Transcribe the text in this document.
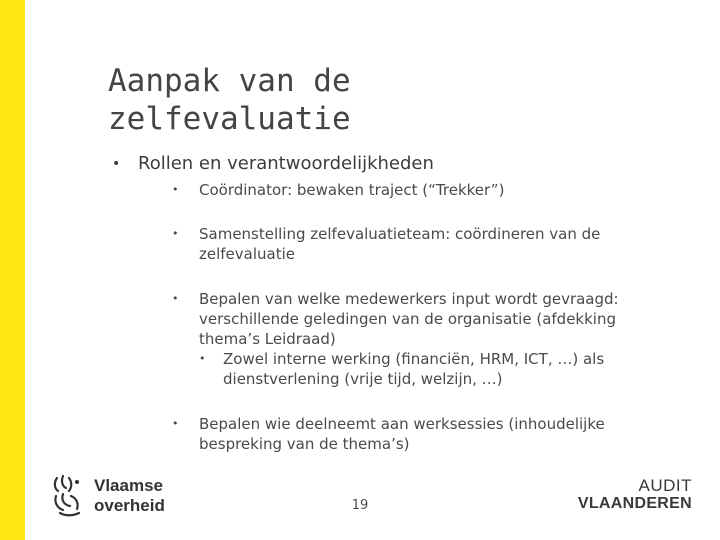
Aanpak van de
zelfevaluatie
• Rollen en verantwoordelijkheden
• Coördinator: bewaken traject (“Trekker”)
• Samenstelling zelfevaluatieteam: coördineren van de zelfevaluatie
• Bepalen van welke medewerkers input wordt gevraagd: verschillende geledingen van de organisatie (afdekking thema’s Leidraad)
• Zowel interne werking (financiën, HRM, ICT, …) als dienstverlening (vrije tijd, welzijn, …)
• Bepalen wie deelneemt aan werksessies (inhoudelijke bespreking van de thema’s)
Vlaamse
overheid	19
AUDIT
VLAANDEREN
